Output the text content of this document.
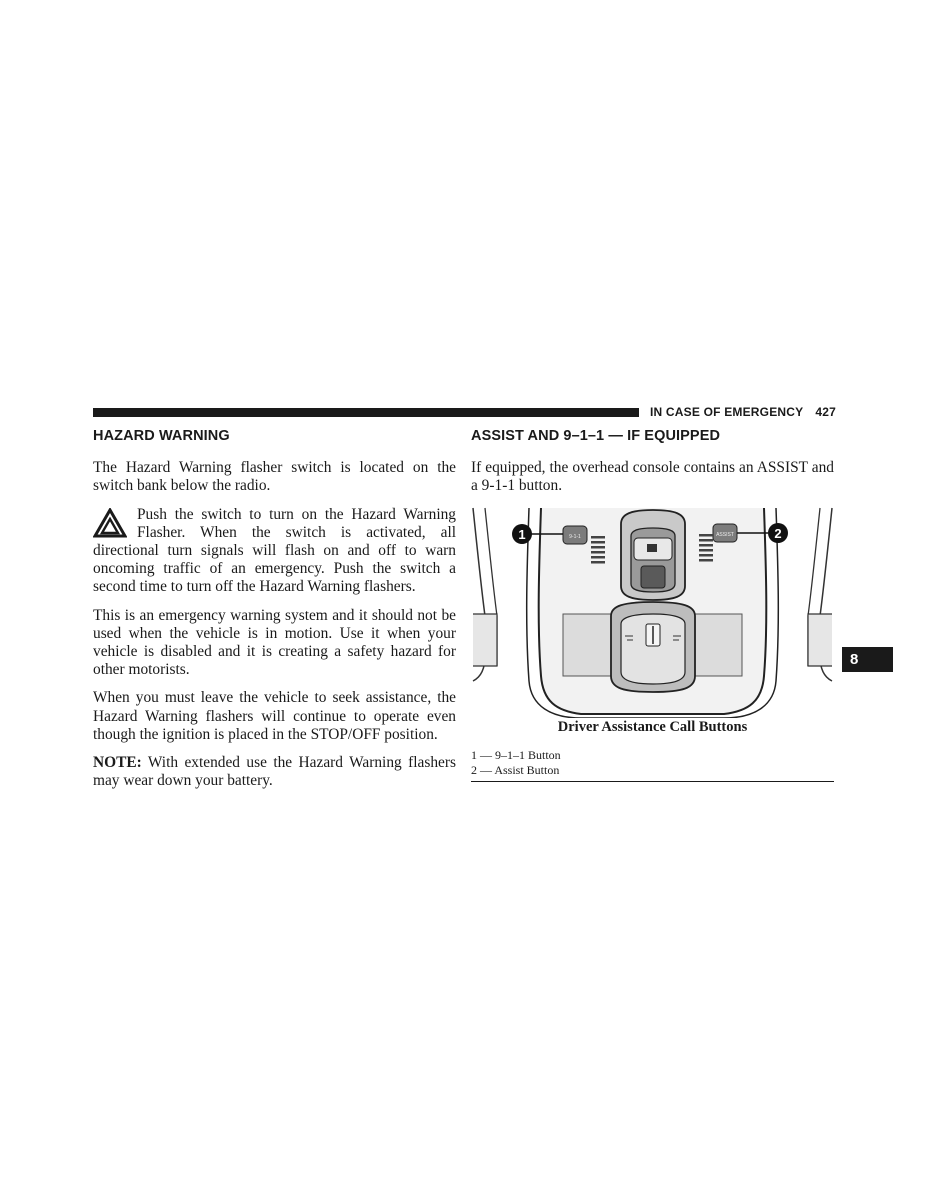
IN CASE OF EMERGENCY 427
HAZARD WARNING

The Hazard Warning flasher switch is located on the switch bank below the radio.

Push the switch to turn on the Hazard Warning Flasher. When the switch is activated, all directional turn signals will flash on and off to warn oncoming traffic of an emergency. Push the switch a second time to turn off the Hazard Warning flashers.

This is an emergency warning system and it should not be used when the vehicle is in motion. Use it when your vehicle is disabled and it is creating a safety hazard for other motorists.

When you must leave the vehicle to seek assistance, the Hazard Warning flashers will continue to operate even though the ignition is placed in the STOP/OFF position.

NOTE: With extended use the Hazard Warning flashers may wear down your battery.

ASSIST AND 9–1–1 — IF EQUIPPED

If equipped, the overhead console contains an ASSIST and a 9-1-1 button.

9-1-1	ASSIST
1	2
Driver Assistance Call Buttons
1 — 9–1–1 Button
2 — Assist Button
8
